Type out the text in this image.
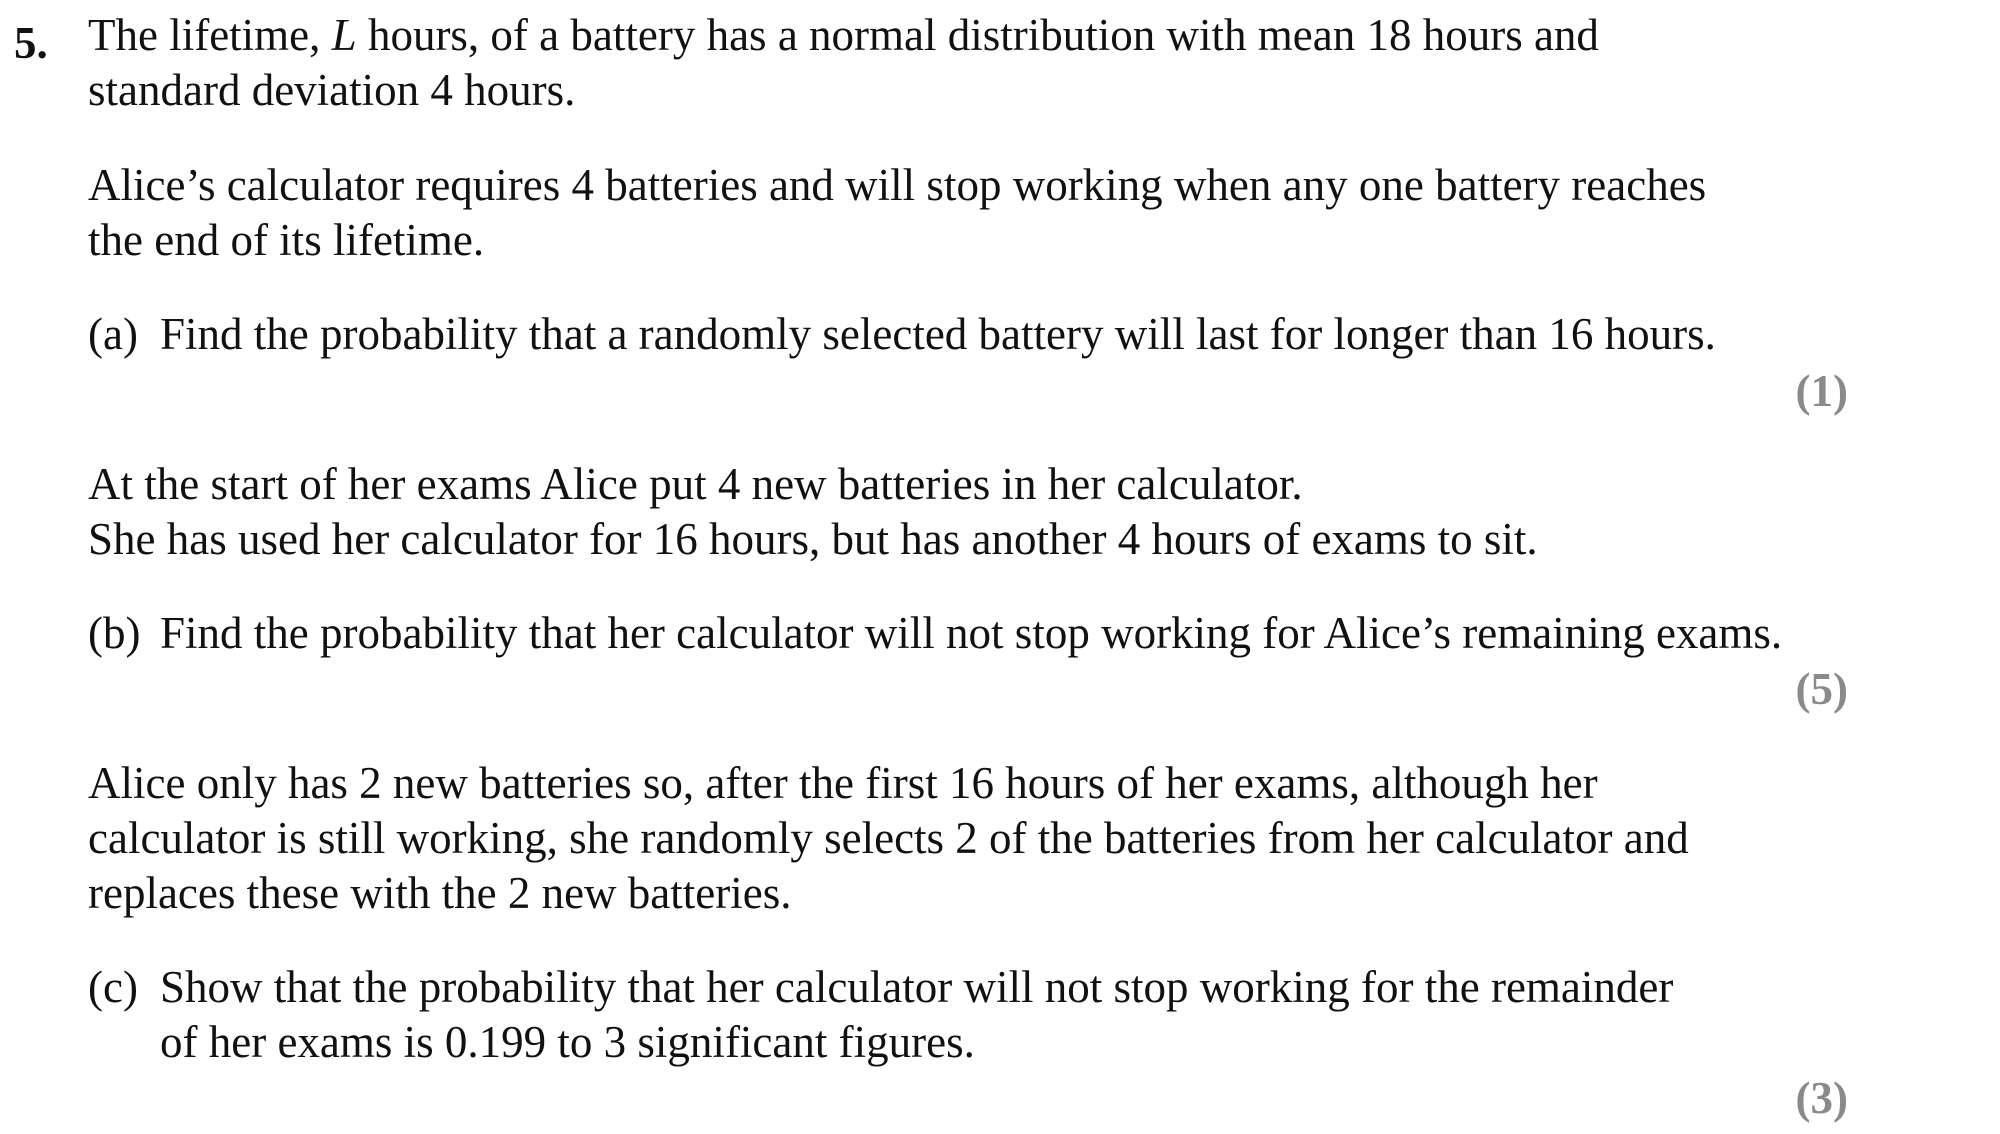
5. The lifetime, L hours, of a battery has a normal distribution with mean 18 hours and
standard deviation 4 hours.
Alice’s calculator requires 4 batteries and will stop working when any one battery reaches
the end of its lifetime.
(a) Find the probability that a randomly selected battery will last for longer than 16 hours.
(1)
At the start of her exams Alice put 4 new batteries in her calculator.
She has used her calculator for 16 hours, but has another 4 hours of exams to sit.
(b) Find the probability that her calculator will not stop working for Alice’s remaining exams.
(5)
Alice only has 2 new batteries so, after the first 16 hours of her exams, although her
calculator is still working, she randomly selects 2 of the batteries from her calculator and
replaces these with the 2 new batteries.
(c) Show that the probability that her calculator will not stop working for the remainder
of her exams is 0.199 to 3 significant figures.
(3)
